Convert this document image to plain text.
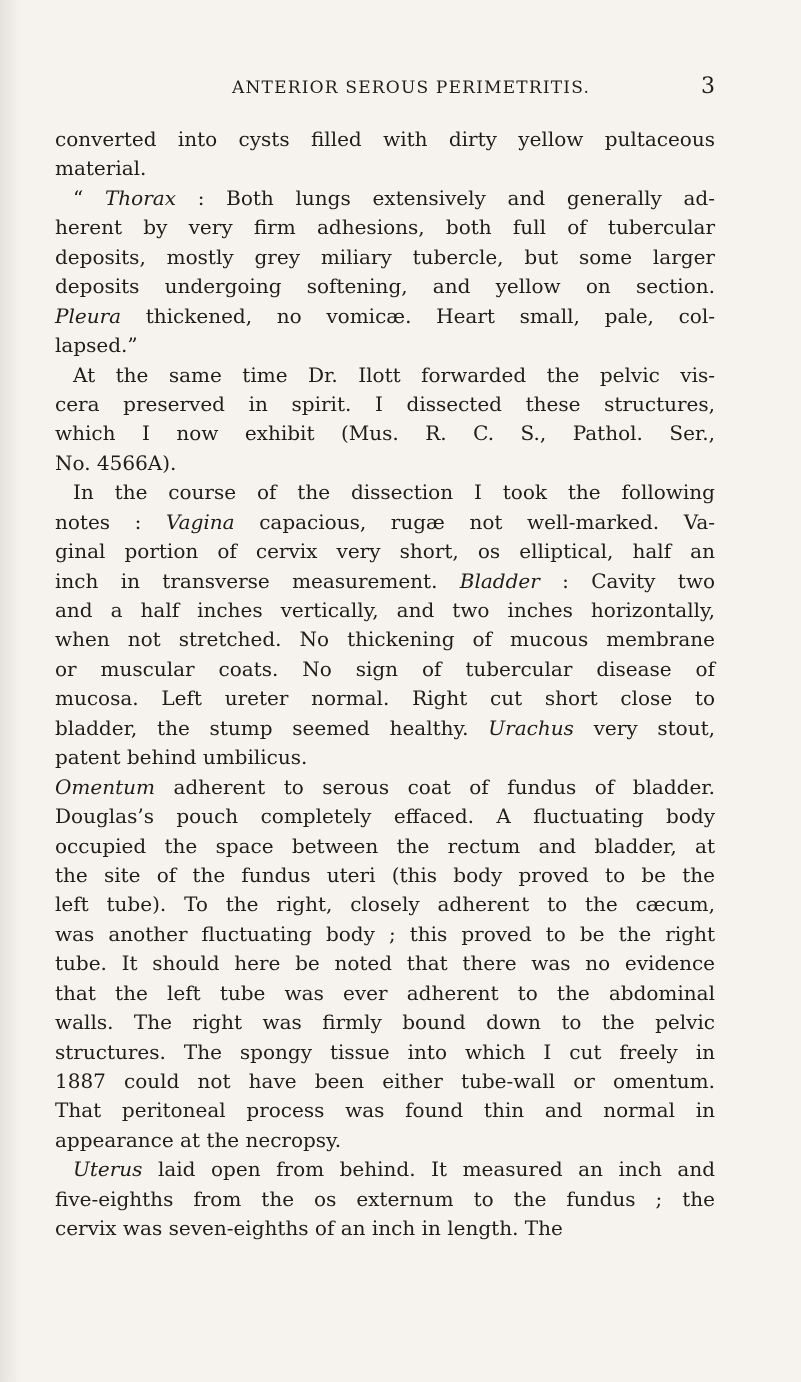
ANTERIOR SEROUS PERIMETRITIS.	3
converted into cysts filled with dirty yellow pultaceous
material.
“ Thorax : Both lungs extensively and generally ad-
herent by very firm adhesions, both full of tubercular
deposits, mostly grey miliary tubercle, but some larger
deposits undergoing softening, and yellow on section.
Pleura thickened, no vomicæ. Heart small, pale, col-
lapsed.”
At the same time Dr. Ilott forwarded the pelvic vis-
cera preserved in spirit. I dissected these structures,
which I now exhibit (Mus. R. C. S., Pathol. Ser.,
No. 4566A).
In the course of the dissection I took the following
notes : Vagina capacious, rugæ not well-marked. Va-
ginal portion of cervix very short, os elliptical, half an
inch in transverse measurement. Bladder : Cavity two
and a half inches vertically, and two inches horizontally,
when not stretched. No thickening of mucous membrane
or muscular coats. No sign of tubercular disease of
mucosa. Left ureter normal. Right cut short close to
bladder, the stump seemed healthy. Urachus very stout,
patent behind umbilicus.
Omentum adherent to serous coat of fundus of bladder.
Douglas’s pouch completely effaced. A fluctuating body
occupied the space between the rectum and bladder, at
the site of the fundus uteri (this body proved to be the
left tube). To the right, closely adherent to the cæcum,
was another fluctuating body ; this proved to be the right
tube. It should here be noted that there was no evidence
that the left tube was ever adherent to the abdominal
walls. The right was firmly bound down to the pelvic
structures. The spongy tissue into which I cut freely in
1887 could not have been either tube-wall or omentum.
That peritoneal process was found thin and normal in
appearance at the necropsy.
Uterus laid open from behind. It measured an inch and
five-eighths from the os externum to the fundus ; the
cervix was seven-eighths of an inch in length. The
